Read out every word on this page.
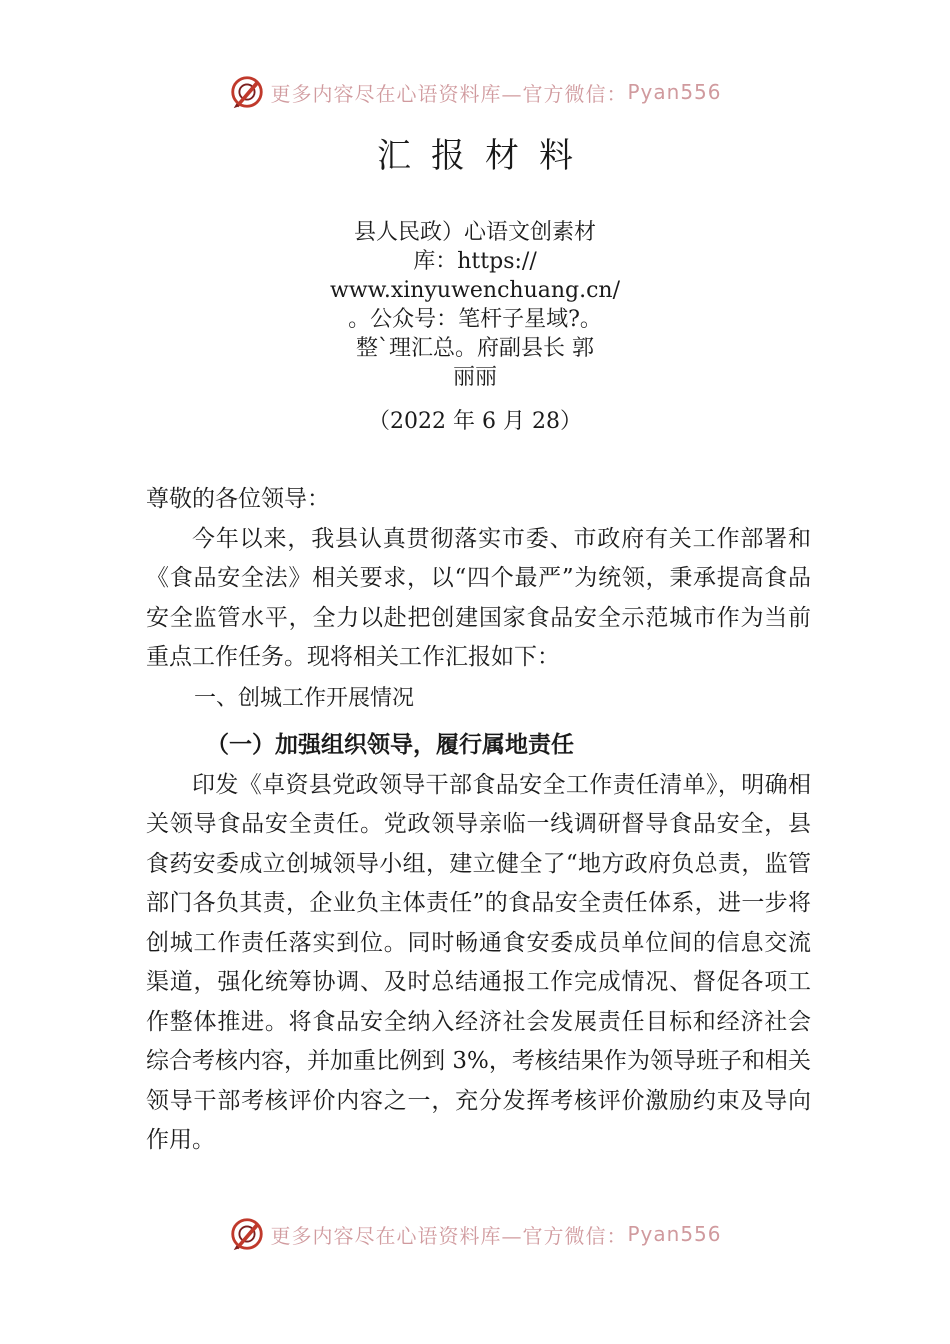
更多内容尽在心语资料库—官方微信： Pyan556
汇报材料
县人民政）心语文创素材
库：https://
www.xinyuwenchuang.cn/
。公众号：笔杆子星域?。
整`理汇总。府副县长 郭
丽丽
（2022 年 6 月 28）

尊敬的各位领导：

今年以来，我县认真贯彻落实市委、市政府有关工作部署和《食品安全法》相关要求，以“四个最严”为统领，秉承提高食品安全监管水平，全力以赴把创建国家食品安全示范城市作为当前重点工作任务。现将相关工作汇报如下：

一、创城工作开展情况

（一）加强组织领导，履行属地责任

印发《卓资县党政领导干部食品安全工作责任清单》，明确相关领导食品安全责任。党政领导亲临一线调研督导食品安全，县食药安委成立创城领导小组，建立健全了“地方政府负总责，监管部门各负其责，企业负主体责任”的食品安全责任体系，进一步将创城工作责任落实到位。同时畅通食安委成员单位间的信息交流渠道，强化统筹协调、及时总结通报工作完成情况、督促各项工作整体推进。将食品安全纳入经济社会发展责任目标和经济社会综合考核内容，并加重比例到 3%，考核结果作为领导班子和相关领导干部考核评价内容之一，充分发挥考核评价激励约束及导向作用。

更多内容尽在心语资料库—官方微信： Pyan556
